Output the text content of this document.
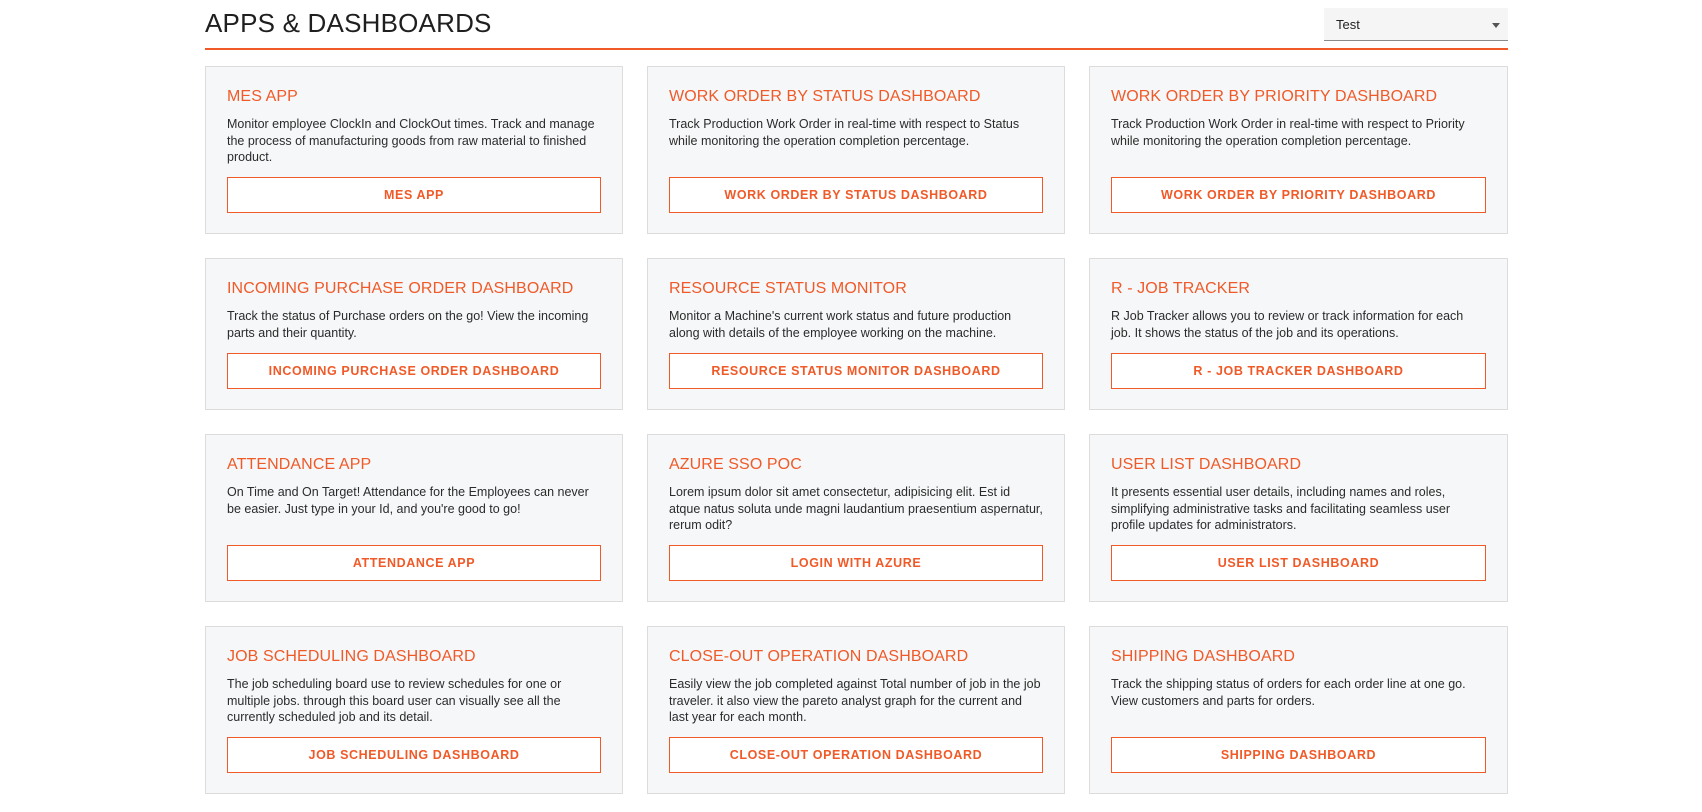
APPS & DASHBOARDS	Test
MES APP

Monitor employee ClockIn and ClockOut times. Track and manage the process of manufacturing goods from raw material to finished product.

MES APP
WORK ORDER BY STATUS DASHBOARD

Track Production Work Order in real-time with respect to Status while monitoring the operation completion percentage.

WORK ORDER BY STATUS DASHBOARD
WORK ORDER BY PRIORITY DASHBOARD

Track Production Work Order in real-time with respect to Priority while monitoring the operation completion percentage.

WORK ORDER BY PRIORITY DASHBOARD
INCOMING PURCHASE ORDER DASHBOARD

Track the status of Purchase orders on the go! View the incoming parts and their quantity.

INCOMING PURCHASE ORDER DASHBOARD
RESOURCE STATUS MONITOR

Monitor a Machine's current work status and future production along with details of the employee working on the machine.

RESOURCE STATUS MONITOR DASHBOARD
R - JOB TRACKER

R Job Tracker allows you to review or track information for each job. It shows the status of the job and its operations.

R - JOB TRACKER DASHBOARD
ATTENDANCE APP

On Time and On Target! Attendance for the Employees can never be easier. Just type in your Id, and you're good to go!

ATTENDANCE APP
AZURE SSO POC

Lorem ipsum dolor sit amet consectetur, adipisicing elit. Est id atque natus soluta unde magni laudantium praesentium aspernatur, rerum odit?

LOGIN WITH AZURE
USER LIST DASHBOARD

It presents essential user details, including names and roles, simplifying administrative tasks and facilitating seamless user profile updates for administrators.

USER LIST DASHBOARD
JOB SCHEDULING DASHBOARD

The job scheduling board use to review schedules for one or multiple jobs. through this board user can visually see all the currently scheduled job and its detail.

JOB SCHEDULING DASHBOARD
CLOSE-OUT OPERATION DASHBOARD

Easily view the job completed against Total number of job in the job traveler. it also view the pareto analyst graph for the current and last year for each month.

CLOSE-OUT OPERATION DASHBOARD
SHIPPING DASHBOARD

Track the shipping status of orders for each order line at one go. View customers and parts for orders.

SHIPPING DASHBOARD
